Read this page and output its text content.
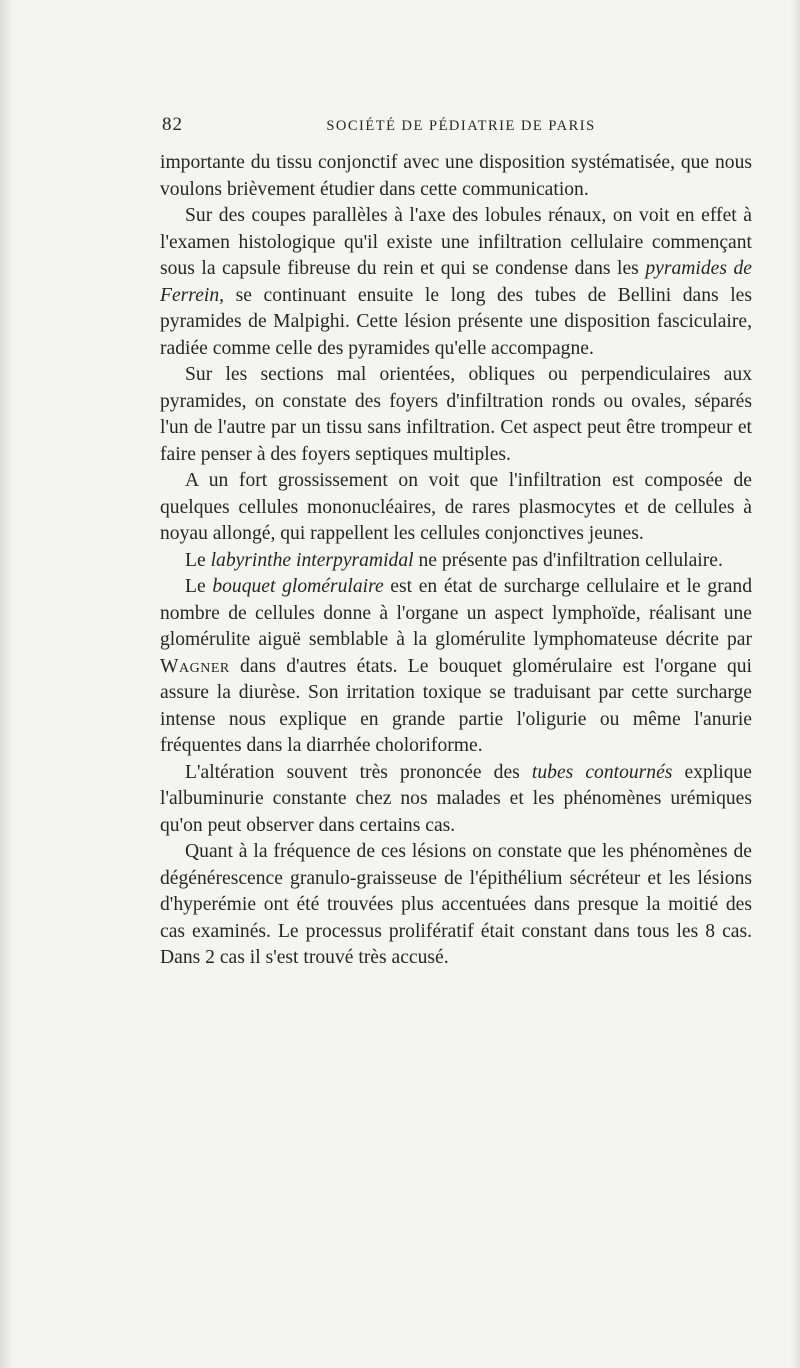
82	SOCIÉTÉ DE PÉDIATRIE DE PARIS

importante du tissu conjonctif avec une disposition systématisée, que nous voulons brièvement étudier dans cette communication.

Sur des coupes parallèles à l'axe des lobules rénaux, on voit en effet à l'examen histologique qu'il existe une infiltration cellulaire commençant sous la capsule fibreuse du rein et qui se condense dans les pyramides de Ferrein, se continuant ensuite le long des tubes de Bellini dans les pyramides de Malpighi. Cette lésion présente une disposition fasciculaire, radiée comme celle des pyramides qu'elle accompagne.

Sur les sections mal orientées, obliques ou perpendiculaires aux pyramides, on constate des foyers d'infiltration ronds ou ovales, séparés l'un de l'autre par un tissu sans infiltration. Cet aspect peut être trompeur et faire penser à des foyers septiques multiples.

A un fort grossissement on voit que l'infiltration est composée de quelques cellules mononucléaires, de rares plasmocytes et de cellules à noyau allongé, qui rappellent les cellules conjonctives jeunes.

Le labyrinthe interpyramidal ne présente pas d'infiltration cellulaire.

Le bouquet glomérulaire est en état de surcharge cellulaire et le grand nombre de cellules donne à l'organe un aspect lymphoïde, réalisant une glomérulite aiguë semblable à la glomérulite lymphomateuse décrite par Wagner dans d'autres états. Le bouquet glomérulaire est l'organe qui assure la diurèse. Son irritation toxique se traduisant par cette surcharge intense nous explique en grande partie l'oligurie ou même l'anurie fréquentes dans la diarrhée choloriforme.

L'altération souvent très prononcée des tubes contournés explique l'albuminurie constante chez nos malades et les phénomènes urémiques qu'on peut observer dans certains cas.

Quant à la fréquence de ces lésions on constate que les phénomènes de dégénérescence granulo-graisseuse de l'épithélium sécréteur et les lésions d'hyperémie ont été trouvées plus accentuées dans presque la moitié des cas examinés. Le processus prolifératif était constant dans tous les 8 cas. Dans 2 cas il s'est trouvé très accusé.
